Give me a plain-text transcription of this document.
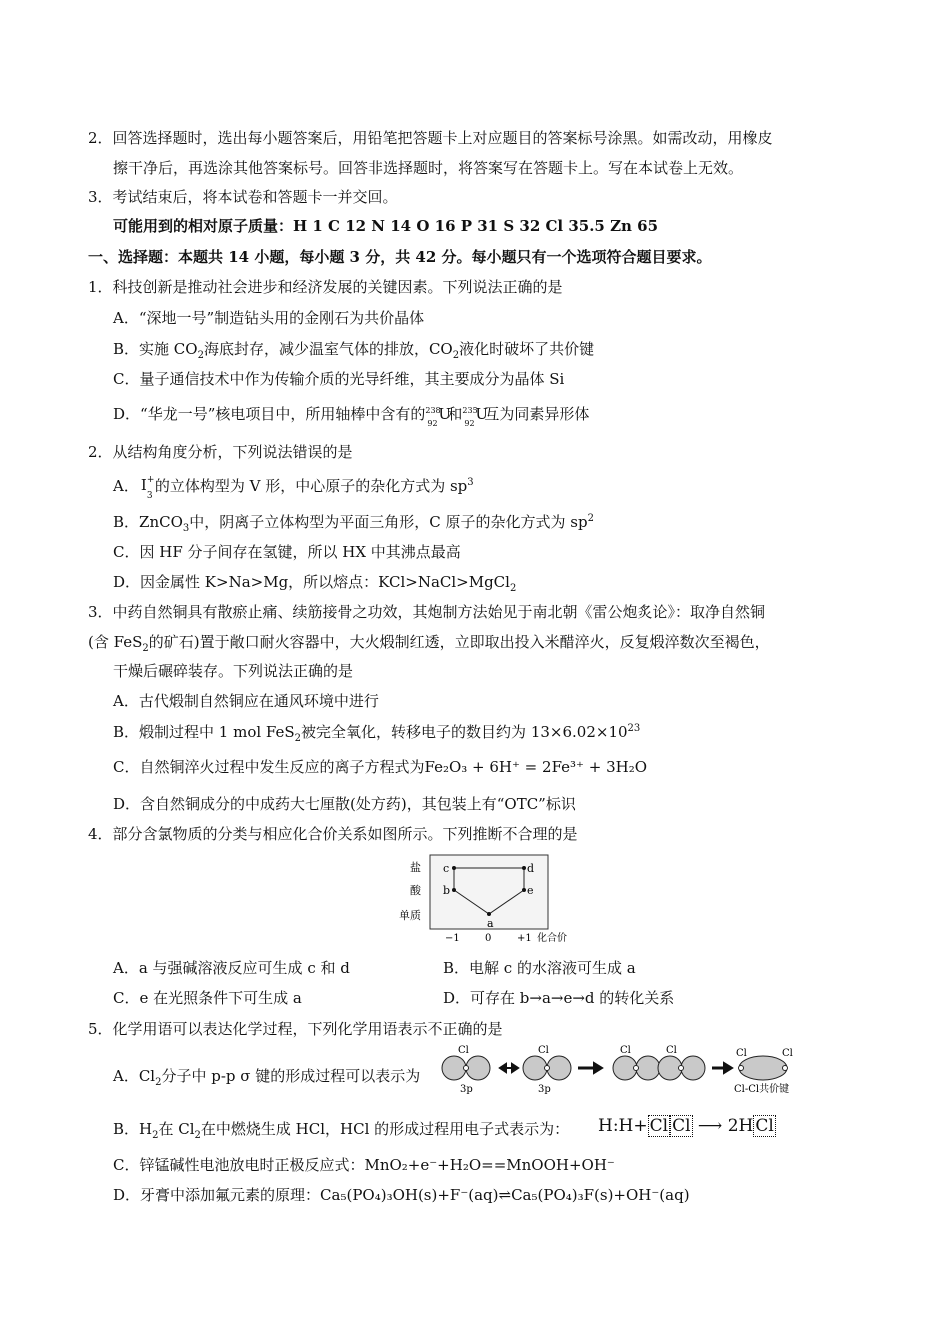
2．回答选择题时，选出每小题答案后，用铅笔把答题卡上对应题目的答案标号涂黑。如需改动，用橡皮
擦干净后，再选涂其他答案标号。回答非选择题时，将答案写在答题卡上。写在本试卷上无效。
3．考试结束后，将本试卷和答题卡一并交回。
可能用到的相对原子质量：H 1 C 12 N 14 O 16 P 31 S 32 Cl 35.5 Zn 65
一、选择题：本题共 14 小题，每小题 3 分，共 42 分。每小题只有一个选项符合题目要求。
1．科技创新是推动社会进步和经济发展的关键因素。下列说法正确的是
A．“深地一号”制造钻头用的金刚石为共价晶体
B．实施 $CO_2$海底封存，减少温室气体的排放，$CO_2$液化时破坏了共价键
C．量子通信技术中作为传输介质的光导纤维，其主要成分为晶体 Si
D．“华龙一号”核电项目中，所用轴棒中含有的 238
92
U
和 235
92
U
互为同素异形体
2．从结构角度分析，下列说法错误的是
A． I +
3
的立体构型为 V 形，中心原子的杂化方式为 $sp^3$
B．ZnCO$_3$中，阴离子立体构型为平面三角形，C 原子的杂化方式为 $sp^2$
C．因 HF 分子间存在氢键，所以 HX 中其沸点最高
D．因金属性 K>Na>Mg，所以熔点：KCl>NaCl>MgCl$_2$
3．中药自然铜具有散瘀止痛、续筋接骨之功效，其炮制方法始见于南北朝《雷公炮炙论》：取净自然铜
(含 FeS$_2$的矿石)置于敞口耐火容器中，大火煅制红透，立即取出投入米醋淬火，反复煅淬数次至褐色，
干燥后碾碎装存。下列说法正确的是
A．古代煅制自然铜应在通风环境中进行
B．煅制过程中 1 mol FeS$_2$被完全氧化，转移电子的数目约为 $13\times 6.02\times 10^{23}$
C．自然铜淬火过程中发生反应的离子方程式为Fe₂O₃ + 6H⁺ = 2Fe³⁺ + 3H₂O
D．含自然铜成分的中成药大七厘散(处方药)，其包装上有“OTC”标识
4．部分含氯物质的分类与相应化合价关系如图所示。下列推断不合理的是
盐
酸
单质
−1	0	+1 化合价
c	d
b	e
a
A．a 与强碱溶液反应可生成 c 和 d	B．电解 c 的水溶液可生成 a
C．e 在光照条件下可生成 a	D．可存在 b→a→e→d 的转化关系
5．化学用语可以表达化学过程，下列化学用语表示不正确的是
A．$Cl_2$分子中 p-p σ 键的形成过程可以表示为
Cl	Cl	Cl	Cl	Cl	Cl
3p	3p	Cl-Cl共价键
B．$H_2$在 $Cl_2$在中燃烧生成 HCl，HCl 的形成过程用电子式表示为： H:H+ Cl Cl ⟶ 2H Cl
C．锌锰碱性电池放电时正极反应式：MnO₂+e⁻+H₂O==MnOOH+OH⁻
D．牙膏中添加氟元素的原理：Ca₅(PO₄)₃OH(s)+F⁻(aq)⇌Ca₅(PO₄)₃F(s)+OH⁻(aq)
